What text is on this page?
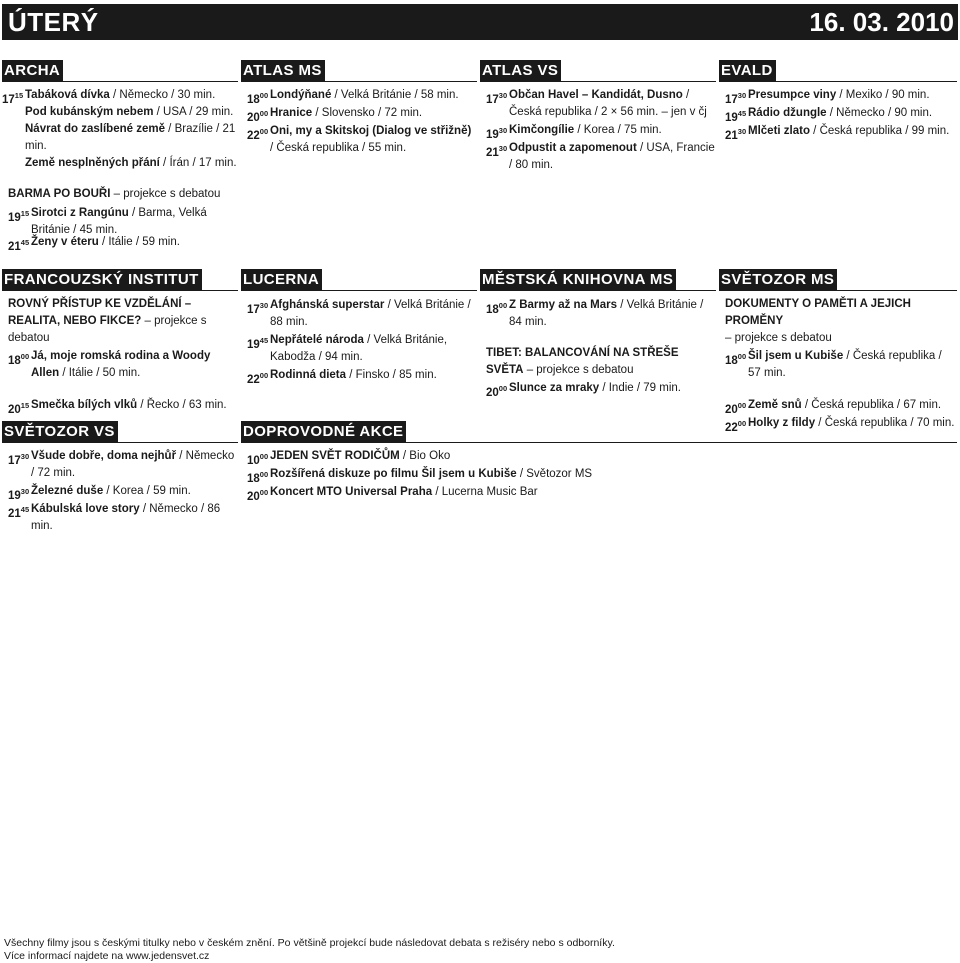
ÚTERÝ	16. 03. 2010
ARCHA
$17^{15}$ Tabáková dívka / Německo / 30 min.
Pod kubánským nebem / USA / 29 min.
Návrat do zaslíbené země / Brazílie / 21 min.
Země nesplněných přání / Írán / 17 min.
BARMA PO BOUŘI – projekce s debatou
$19^{15}$ Sirotci z Rangúnu / Barma, Velká Británie / 45 min.
$21^{45}$ Ženy v éteru / Itálie / 59 min.
ATLAS MS
$18^{00}$ Londýňané / Velká Británie / 58 min.
$20^{00}$ Hranice / Slovensko / 72 min.
$22^{00}$ Oni, my a Skitskoj (Dialog ve střižně) / Česká republika / 55 min.
ATLAS VS
$17^{30}$ Občan Havel – Kandidát, Dusno / Česká republika / 2 × 56 min. – jen v čj
$19^{30}$ Kimčongílie / Korea / 75 min.
$21^{30}$ Odpustit a zapomenout / USA, Francie / 80 min.
EVALD
$17^{30}$ Presumpce viny / Mexiko / 90 min.
$19^{45}$ Rádio džungle / Německo / 90 min.
$21^{30}$ Mlčeti zlato / Česká republika / 99 min.
FRANCOUZSKÝ INSTITUT
ROVNÝ PŘÍSTUP KE VZDĚLÁNÍ – REALITA, NEBO FIKCE? – projekce s debatou
$18^{00}$ Já, moje romská rodina a Woody Allen / Itálie / 50 min.
$20^{15}$ Smečka bílých vlků / Řecko / 63 min.
LUCERNA
$17^{30}$ Afghánská superstar / Velká Británie / 88 min.
$19^{45}$ Nepřátelé národa / Velká Británie, Kabodža / 94 min.
$22^{00}$ Rodinná dieta / Finsko / 85 min.
MĚSTSKÁ KNIHOVNA MS
$18^{00}$ Z Barmy až na Mars / Velká Británie / 84 min.
TIBET: BALANCOVÁNÍ NA STŘEŠE SVĚTA – projekce s debatou
$20^{00}$ Slunce za mraky / Indie / 79 min.
SVĚTOZOR MS
DOKUMENTY O PAMĚTI A JEJICH PROMĚNY
– projekce s debatou
$18^{00}$ Šil jsem u Kubiše / Česká republika / 57 min.
$20^{00}$ Země snů / Česká republika / 67 min.
$22^{00}$ Holky z fildy / Česká republika / 70 min.
SVĚTOZOR VS
$17^{30}$ Všude dobře, doma nejhůř / Německo / 72 min.
$19^{30}$ Železné duše / Korea / 59 min.
$21^{45}$ Kábulská love story / Německo / 86 min.
DOPROVODNÉ AKCE
$10^{00}$ JEDEN SVĚT RODIČŮM / Bio Oko
$18^{00}$ Rozšířená diskuze po filmu Šil jsem u Kubiše / Světozor MS
$20^{00}$ Koncert MTO Universal Praha / Lucerna Music Bar
Všechny filmy jsou s českými titulky nebo v českém znění. Po většině projekcí bude následovat debata s režiséry nebo s odborníky.
Více informací najdete na www.jedensvet.cz
